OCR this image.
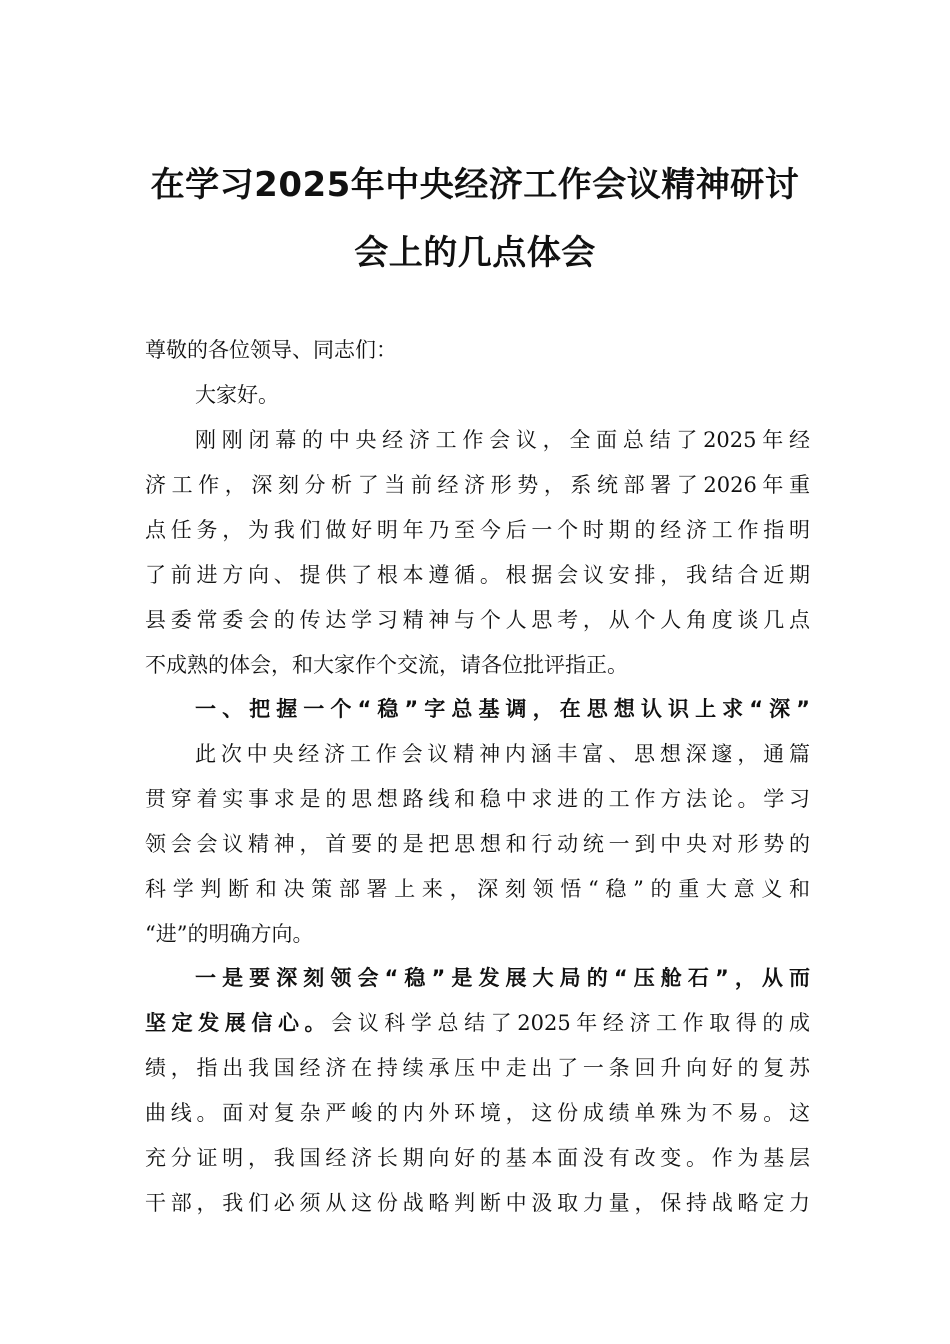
在学习2025年中央经济工作会议精神研讨
会上的几点体会
尊敬的各位领导、同志们：
大家好。
刚刚闭幕的中央经济工作会议，全面总结了2025年经
济工作，深刻分析了当前经济形势，系统部署了2026年重
点任务，为我们做好明年乃至今后一个时期的经济工作指明
了前进方向、提供了根本遵循。根据会议安排，我结合近期
县委常委会的传达学习精神与个人思考，从个人角度谈几点
不成熟的体会，和大家作个交流，请各位批评指正。
一、把握一个“稳”字总基调，在思想认识上求“深”
此次中央经济工作会议精神内涵丰富、思想深邃，通篇
贯穿着实事求是的思想路线和稳中求进的工作方法论。学习
领会会议精神，首要的是把思想和行动统一到中央对形势的
科学判断和决策部署上来，深刻领悟“稳”的重大意义和
“进”的明确方向。
一是要深刻领会“稳”是发展大局的“压舱石”，从而
坚定发展信心。会议科学总结了2025年经济工作取得的成
绩，指出我国经济在持续承压中走出了一条回升向好的复苏
曲线。面对复杂严峻的内外环境，这份成绩单殊为不易。这
充分证明，我国经济长期向好的基本面没有改变。作为基层
干部，我们必须从这份战略判断中汲取力量，保持战略定力
